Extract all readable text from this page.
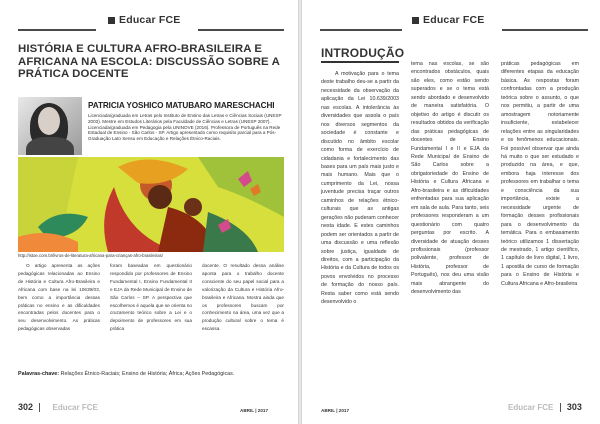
Educar FCE
HISTÓRIA E CULTURA AFRO-BRASILEIRA E AFRICANA NA ESCOLA: DISCUSSÃO SOBRE A PRÁTICA DOCENTE
PATRICIA YOSHICO MATUBARO MARESCHACHI
Licenciada/graduada em Letras pelo Instituto de Ensino das Letras e Ciências Sociais (UNESP 2003). Mestre em Estudos Literários pela Faculdade de Ciências e Letras (UNESP 2007). Licenciada/graduada em Pedagogia pela UNINOVE (2016). Professora de Português na Rede Estadual de Ensino - São Carlos - SP. Artigo apresentado como requisito parcial para a Pós-Graduação Lato Sensu em Educação e Relações Étnico-Raciais.
http://istoe.com.br/livros-de-literatura-africana-para-crianças-afro-brasileiras/
O artigo apresenta as ações pedagógicas relacionadas ao Ensino de História e Cultura Afro-Brasileira e Africana com base na lei 10639/03, bem como a importância dessas práticas no ensino e as dificuldades encontradas pelos docentes para o seu desenvolvimento. As práticas pedagógicas observadas
foram baseadas em questionário respondido por professores de Ensino Fundamental I, Ensino Fundamental II e EJA da Rede Municipal de Ensino de São Carlos – SP. A perspectiva que escolhemos é aquela que se orienta no cruzamento teórico sobre a Lei e o depoimento de professores em sua prática
docente. O resultado dessa análise aponta para o trabalho docente consciente do seu papel social para a valorização da Cultura e História Afro-brasileira e Africana. Mostra ainda que os professores buscam por conhecimento na área, uma vez que a produção cultural sobre o tema é escassa.
Palavras-chave: Relações Étnico-Raciais; Ensino de História; África; Ações Pedagógicas.
302 Educar FCE	ABRIL | 2017
Educar FCE
INTRODUÇÃO
A motivação para o tema deste trabalho deu-se a partir da necessidade da observação da aplicação da Lei 10.639/2003 nas escolas. A intolerância às diversidades que assola o país nos diversos segmentos da sociedade é constante e discutido no âmbito escolar como forma de exercício de cidadania e fortalecimento das bases para um país mais justo e mais humano. Mais que o cumprimento da Lei, nossa juventude precisa traçar outros caminhos de relações étnico-culturais que as antigas gerações não puderam conhecer nesta idade. E estes caminhos podem ser orientados a partir de uma discussão e uma reflexão sobre justiça, igualdade de direitos, com a participação da História e da Cultura de todos os povos envolvidos no processo de formação do nosso país. Resta saber como está sendo desenvolvido o
tema nas escolas, se são encontrados obstáculos, quais são eles, como estão sendo superados e se o tema está sendo abordado e desenvolvido de maneira satisfatória. O objetivo do artigo é discutir os resultados obtidos da verificação das práticas pedagógicas de docentes de Ensino Fundamental I e II e EJA da Rede Municipal de Ensino de São Carlos sobre a obrigatoriedade do Ensino de História e Cultura Africana e Afro-brasileira e as dificuldades enfrentadas para sua aplicação em sala de aula. Para tanto, seis professores responderam a um questionário com quatro perguntas por escrito. A diversidade de atuação desses profissionais (professor polivalente, professor de História, professor de Português), nos deu uma visão mais abrangente do desenvolvimento das
práticas pedagógicas em diferentes etapas da educação básica. As respostas foram confrontadas com a produção teórica sobre o assunto, o que nos permitiu, a partir de uma amostragem notoriamente insuficiente, estabelecer relações entre as singularidades e os fenômenos educacionais. Foi possível observar que ainda há muito o que ser estudado e produzido na área, e que, embora haja interesse dos professores em trabalhar o tema e consciência da sua importância, existe a necessidade urgente de formação desses profissionais para o desenvolvimento da temática. Para o embasamento teórico utilizamos 1 dissertação de mestrado, 1 artigo científico, 1 capítulo de livro digital, 1 livro, 1 apostila de curso de formação para o Ensino de História e Cultura Africana e Afro-brasileira
ABRIL | 2017	Educar FCE 303
